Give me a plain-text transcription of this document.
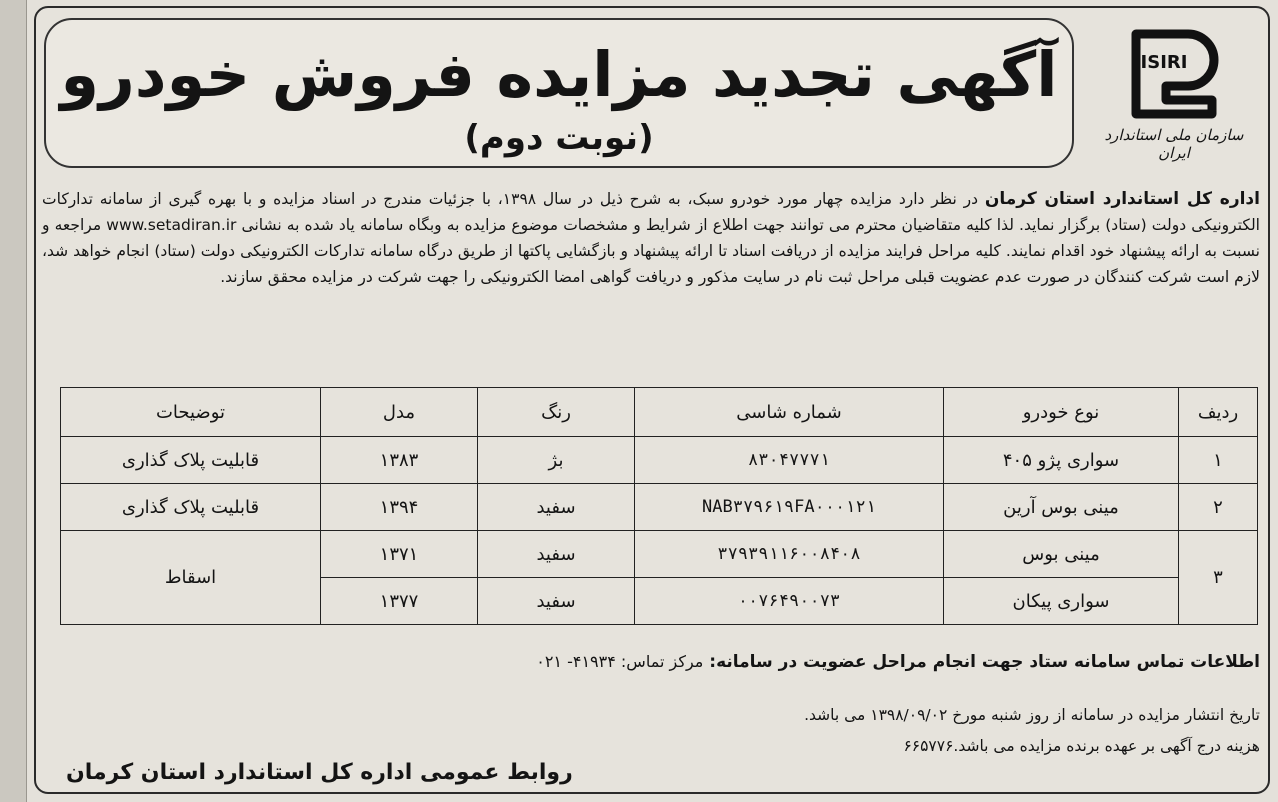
آگهی تجدید مزایده فروش خودرو
(نوبت دوم)
ISIRI
سازمان ملی استاندارد ایران
اداره کل استاندارد استان کرمان در نظر دارد مزایده چهار مورد خودرو سبک، به شرح ذیل در سال ۱۳۹۸، با جزئیات مندرج در اسناد مزایده و با بهره گیری از سامانه تدارکات الکترونیکی دولت (ستاد) برگزار نماید. لذا کلیه متقاضیان محترم می توانند جهت اطلاع از شرایط و مشخصات موضوع مزایده به وبگاه سامانه یاد شده به نشانی www.setadiran.ir مراجعه و نسبت به ارائه پیشنهاد خود اقدام نمایند. کلیه مراحل فرایند مزایده از دریافت اسناد تا ارائه پیشنهاد و بازگشایی پاکتها از طریق درگاه سامانه تدارکات الکترونیکی دولت (ستاد) انجام خواهد شد، لازم است شرکت کنندگان در صورت عدم عضویت قبلی مراحل ثبت نام در سایت مذکور و دریافت گواهی امضا الکترونیکی را جهت شرکت در مزایده محقق سازند.
ردیف	نوع خودرو	شماره شاسی	رنگ	مدل	توضیحات
۱	سواری پژو ۴۰۵	۸۳۰۴۷۷۷۱	بژ	۱۳۸۳	قابلیت پلاک گذاری
۲	مینی بوس آرین	NAB۳۷۹۶۱۹FA۰۰۰۱۲۱	سفید	۱۳۹۴	قابلیت پلاک گذاری
۳	مینی بوس	۳۷۹۳۹۱۱۶۰۰۸۴۰۸	سفید	۱۳۷۱	اسقاط
	سواری پیکان	۰۰۷۶۴۹۰۰۷۳	سفید	۱۳۷۷	
اطلاعات تماس سامانه ستاد جهت انجام مراحل عضویت در سامانه: مرکز تماس: ۴۱۹۳۴- ۰۲۱
تاریخ انتشار مزایده در سامانه از روز شنبه مورخ ۱۳۹۸/۰۹/۰۲ می باشد.
هزینه درج آگهی بر عهده برنده مزایده می باشد.۶۶۵۷۷۶
روابط عمومی اداره کل استاندارد استان کرمان
